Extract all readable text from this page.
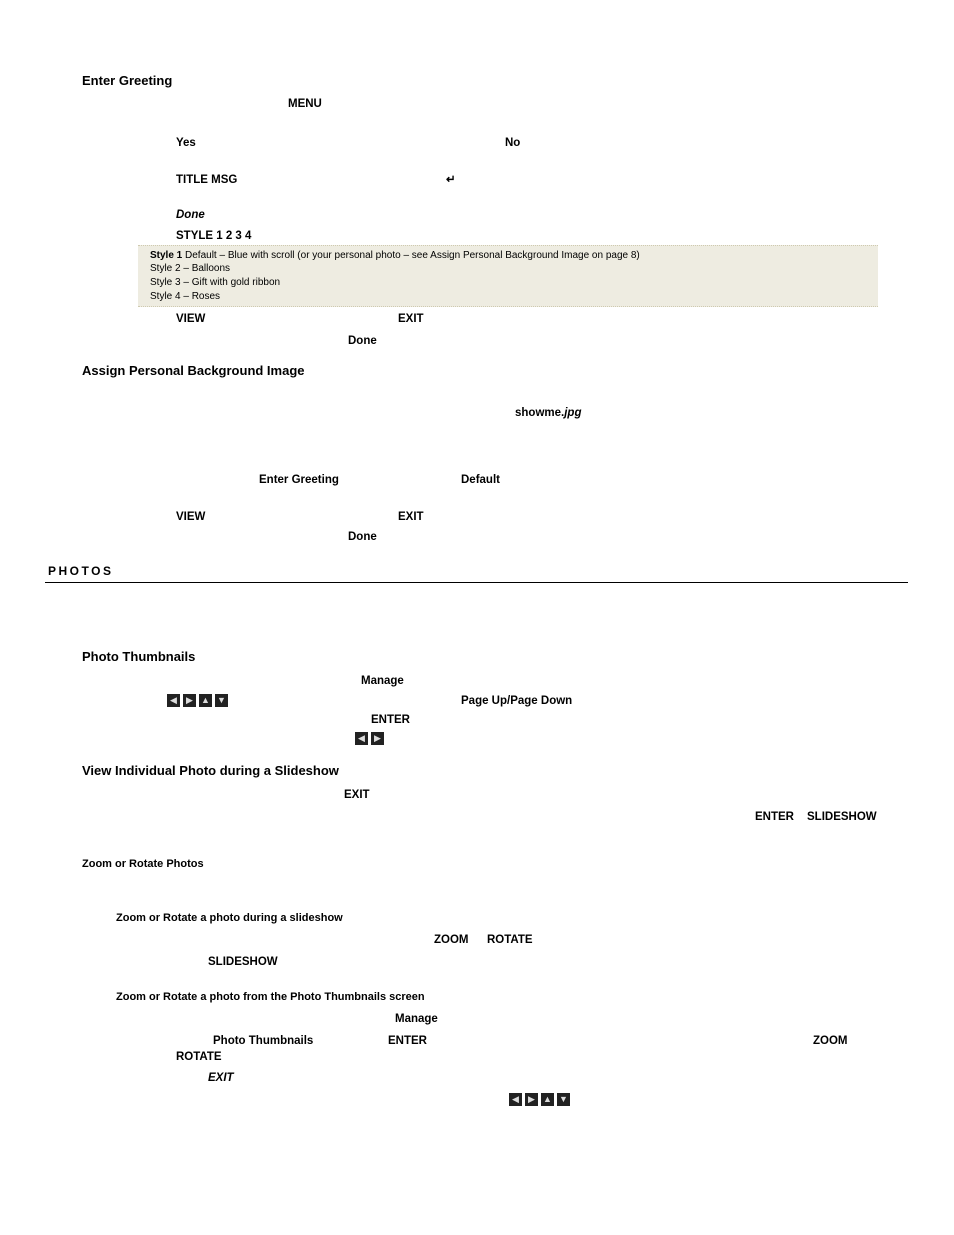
Enter Greeting
MENU
Yes	No
TITLE MSG	↵
Done
STYLE 1 2 3 4
Style 1 Default – Blue with scroll (or your personal photo – see Assign Personal Background Image on page 8)
Style 2 – Balloons
Style 3 – Gift with gold ribbon
Style 4 – Roses
VIEW	EXIT
Done
Assign Personal Background Image
showme.jpg
Enter Greeting	Default
VIEW	EXIT
Done
PHOTOS
Photo Thumbnails
Manage
◀	▶ ▲ ▼	Page Up/Page Down
ENTER
◀	▶
View Individual Photo during a Slideshow
EXIT
ENTER SLIDESHOW
Zoom or Rotate Photos
Zoom or Rotate a photo during a slideshow
ZOOM ROTATE
SLIDESHOW
Zoom or Rotate a photo from the Photo Thumbnails screen
Manage
Photo Thumbnails	ENTER	ZOOM
ROTATE
EXIT
◀	▶ ▲ ▼
